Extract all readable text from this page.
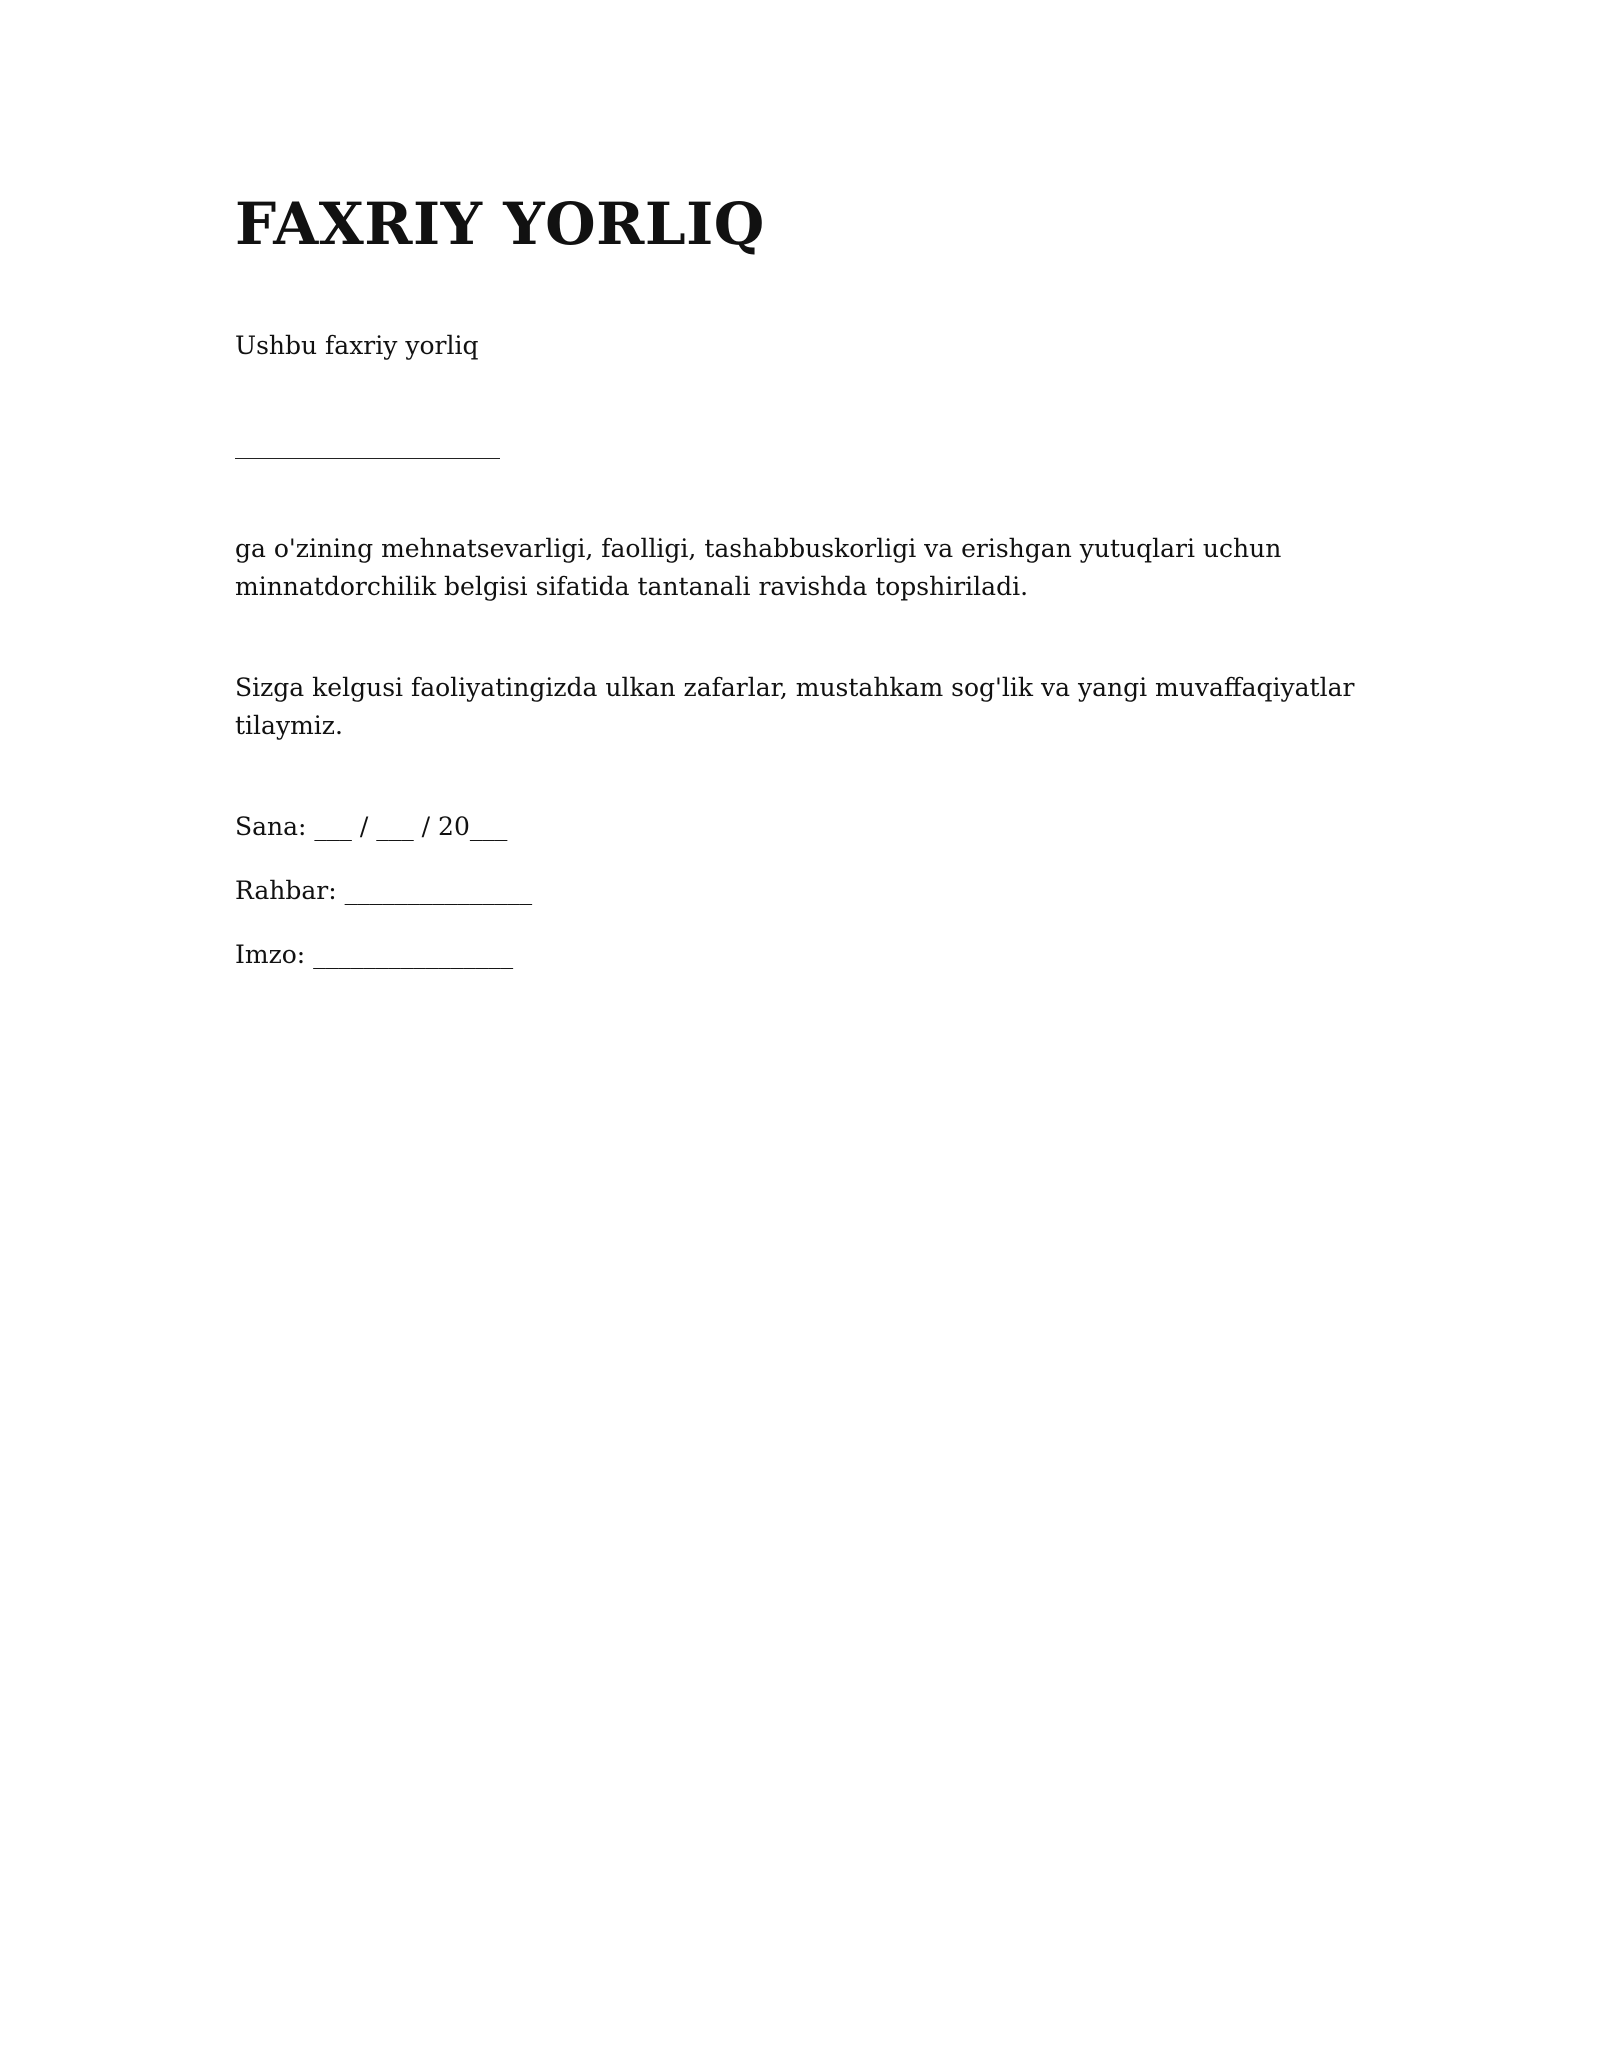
FAXRIY YORLIQ

Ushbu faxriy yorliq

ga o'zining mehnatsevarligi, faolligi, tashabbuskorligi va erishgan yutuqlari uchun minnatdorchilik belgisi sifatida tantanali ravishda topshiriladi.

Sizga kelgusi faoliyatingizda ulkan zafarlar, mustahkam sog'lik va yangi muvaffaqiyatlar tilaymiz.

Sana: ___ / ___ / 20___

Rahbar: _______________

Imzo: ________________
